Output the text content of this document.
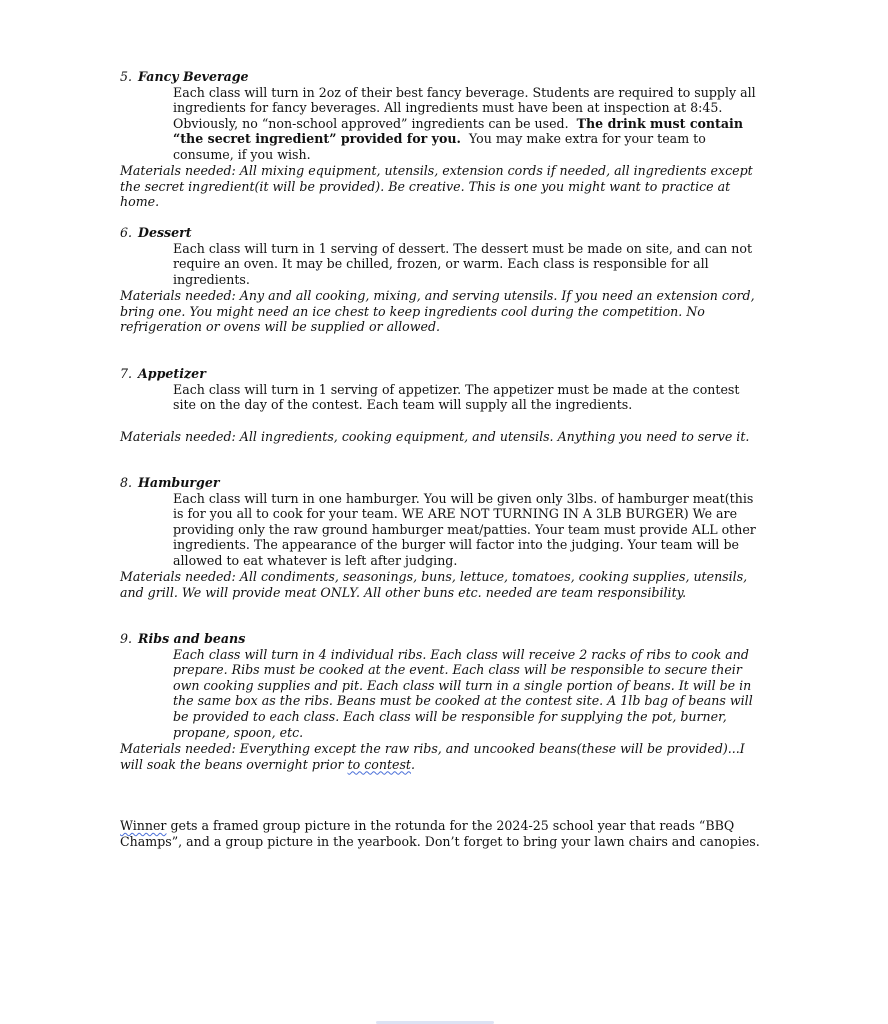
5. Fancy Beverage
Each class will turn in 2oz of their best fancy beverage. Students are required to supply all ingredients for fancy beverages. All ingredients must have been at inspection at 8:45. Obviously, no “non-school approved” ingredients can be used. The drink must contain “the secret ingredient” provided for you. You may make extra for your team to consume, if you wish.
Materials needed: All mixing equipment, utensils, extension cords if needed, all ingredients except the secret ingredient(it will be provided). Be creative. This is one you might want to practice at home.
6. Dessert
Each class will turn in 1 serving of dessert. The dessert must be made on site, and can not require an oven. It may be chilled, frozen, or warm. Each class is responsible for all ingredients.
Materials needed: Any and all cooking, mixing, and serving utensils. If you need an extension cord, bring one. You might need an ice chest to keep ingredients cool during the competition. No refrigeration or ovens will be supplied or allowed.
7. Appetizer
Each class will turn in 1 serving of appetizer. The appetizer must be made at the contest site on the day of the contest. Each team will supply all the ingredients.
Materials needed: All ingredients, cooking equipment, and utensils. Anything you need to serve it.
8. Hamburger
Each class will turn in one hamburger. You will be given only 3lbs. of hamburger meat(this is for you all to cook for your team. WE ARE NOT TURNING IN A 3LB BURGER) We are providing only the raw ground hamburger meat/patties. Your team must provide ALL other ingredients. The appearance of the burger will factor into the judging. Your team will be allowed to eat whatever is left after judging.
Materials needed: All condiments, seasonings, buns, lettuce, tomatoes, cooking supplies, utensils, and grill. We will provide meat ONLY. All other buns etc. needed are team responsibility.
9. Ribs and beans
Each class will turn in 4 individual ribs. Each class will receive 2 racks of ribs to cook and prepare. Ribs must be cooked at the event. Each class will be responsible to secure their own cooking supplies and pit. Each class will turn in a single portion of beans. It will be in the same box as the ribs. Beans must be cooked at the contest site. A 1lb bag of beans will be provided to each class. Each class will be responsible for supplying the pot, burner, propane, spoon, etc.
Materials needed: Everything except the raw ribs, and uncooked beans(these will be provided)...I will soak the beans overnight prior to contest.
Winner gets a framed group picture in the rotunda for the 2024-25 school year that reads “BBQ Champs”, and a group picture in the yearbook. Don’t forget to bring your lawn chairs and canopies.
